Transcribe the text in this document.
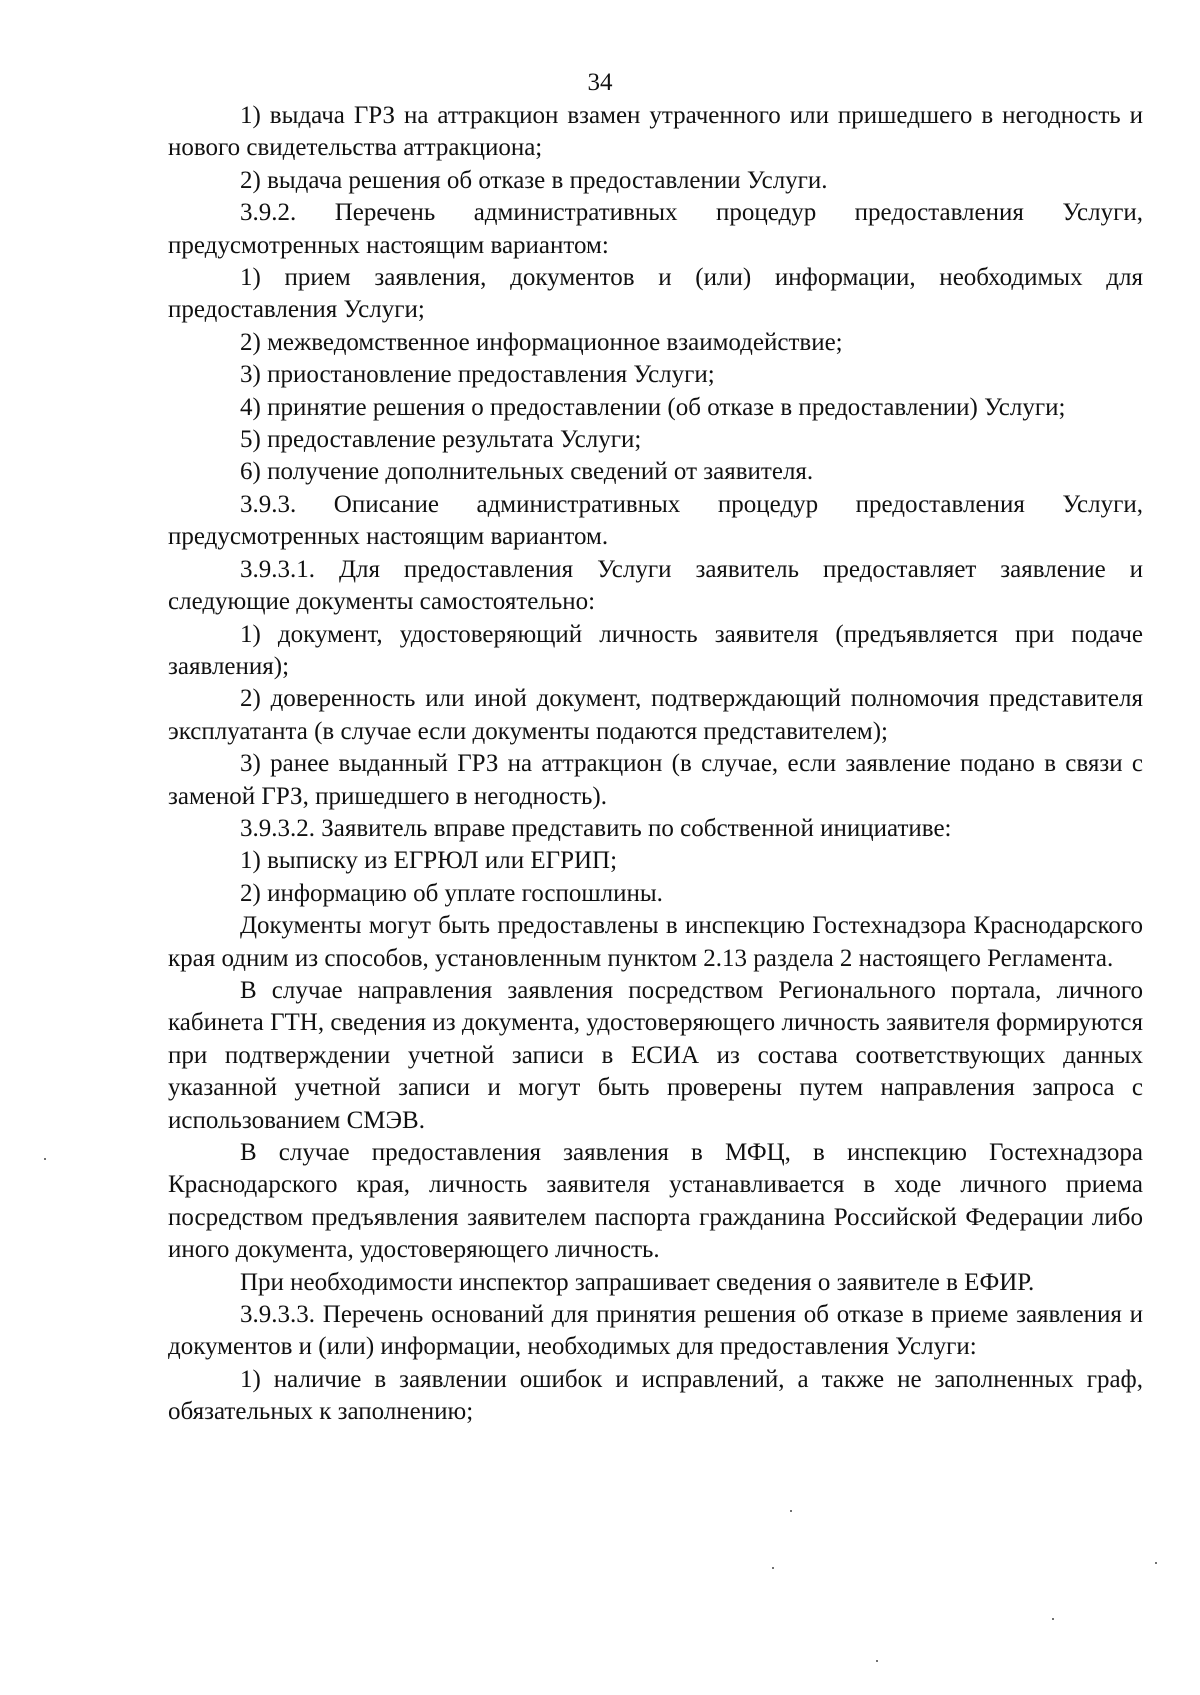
34

1) выдача ГРЗ на аттракцион взамен утраченного или пришедшего в негодность и нового свидетельства аттракциона;

2) выдача решения об отказе в предоставлении Услуги.

3.9.2. Перечень административных процедур предоставления Услуги, предусмотренных настоящим вариантом:

1) прием заявления, документов и (или) информации, необходимых для предоставления Услуги;

2) межведомственное информационное взаимодействие;

3) приостановление предоставления Услуги;

4) принятие решения о предоставлении (об отказе в предоставлении) Услуги;

5) предоставление результата Услуги;

6) получение дополнительных сведений от заявителя.

3.9.3. Описание административных процедур предоставления Услуги, предусмотренных настоящим вариантом.

3.9.3.1. Для предоставления Услуги заявитель предоставляет заявление и следующие документы самостоятельно:

1) документ, удостоверяющий личность заявителя (предъявляется при подаче заявления);

2) доверенность или иной документ, подтверждающий полномочия представителя эксплуатанта (в случае если документы подаются представителем);

3) ранее выданный ГРЗ на аттракцион (в случае, если заявление подано в связи с заменой ГРЗ, пришедшего в негодность).

3.9.3.2. Заявитель вправе представить по собственной инициативе:

1) выписку из ЕГРЮЛ или ЕГРИП;

2) информацию об уплате госпошлины.

Документы могут быть предоставлены в инспекцию Гостехнадзора Краснодарского края одним из способов, установленным пунктом 2.13 раздела 2 настоящего Регламента.

В случае направления заявления посредством Регионального портала, личного кабинета ГТН, сведения из документа, удостоверяющего личность заявителя формируются при подтверждении учетной записи в ЕСИА из состава соответствующих данных указанной учетной записи и могут быть проверены путем направления запроса с использованием СМЭВ.

В случае предоставления заявления в МФЦ, в инспекцию Гостехнадзора Краснодарского края, личность заявителя устанавливается в ходе личного приема посредством предъявления заявителем паспорта гражданина Российской Федерации либо иного документа, удостоверяющего личность.

При необходимости инспектор запрашивает сведения о заявителе в ЕФИР.

3.9.3.3. Перечень оснований для принятия решения об отказе в приеме заявления и документов и (или) информации, необходимых для предоставления Услуги:

1) наличие в заявлении ошибок и исправлений, а также не заполненных граф, обязательных к заполнению;
